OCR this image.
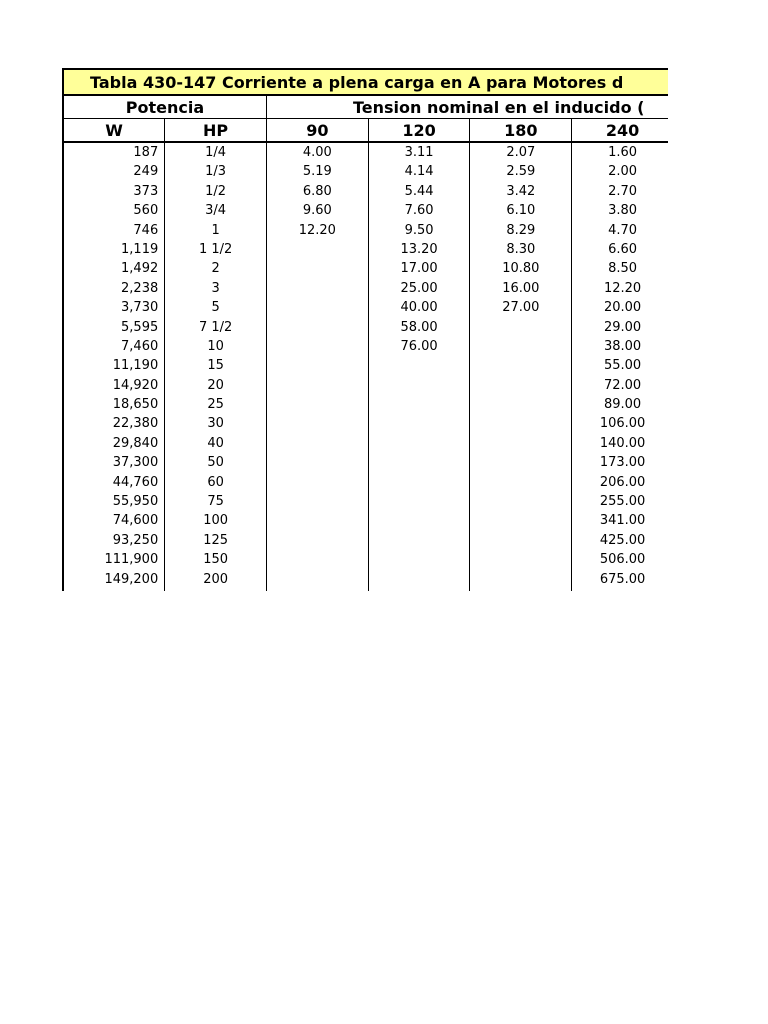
Tabla 430-147 Corriente a plena carga en A para Motores d					
Potencia		Tension nominal en el inducido (			
W	HP	90	120	180	240
187	1/4	4.00	3.11	2.07	1.60
249	1/3	5.19	4.14	2.59	2.00
373	1/2	6.80	5.44	3.42	2.70
560	3/4	9.60	7.60	6.10	3.80
746	1	12.20	9.50	8.29	4.70
1,119	1 1/2		13.20	8.30	6.60
1,492	2		17.00	10.80	8.50
2,238	3		25.00	16.00	12.20
3,730	5		40.00	27.00	20.00
5,595	7 1/2		58.00		29.00
7,460	10		76.00		38.00
11,190	15				55.00
14,920	20				72.00
18,650	25				89.00
22,380	30				106.00
29,840	40				140.00
37,300	50				173.00
44,760	60				206.00
55,950	75				255.00
74,600	100				341.00
93,250	125				425.00
111,900	150				506.00
149,200	200				675.00
